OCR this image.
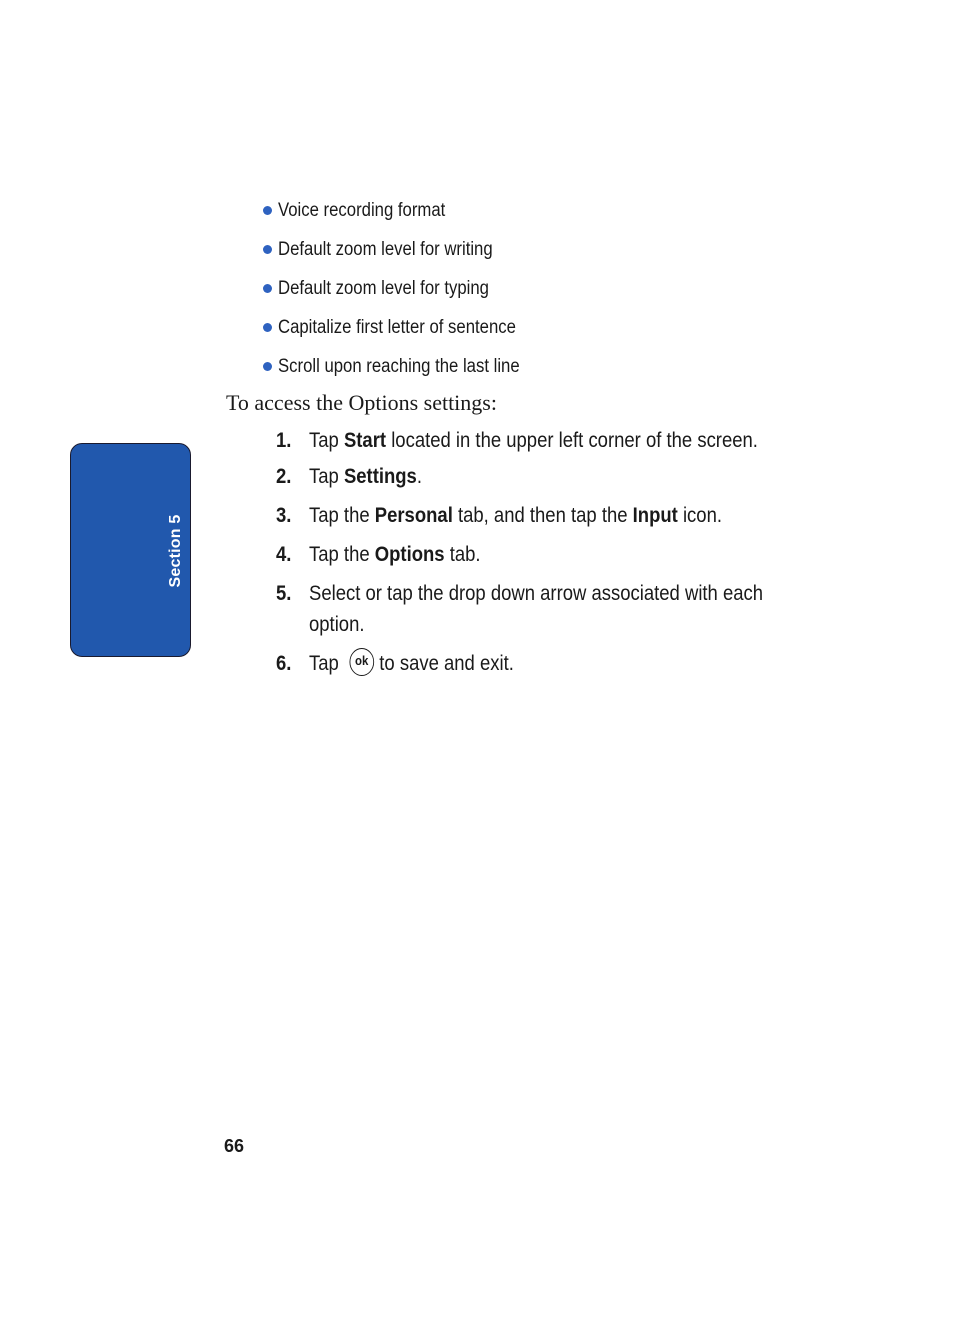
Section 5
Voice recording format
Default zoom level for writing
Default zoom level for typing
Capitalize first letter of sentence
Scroll upon reaching the last line
To access the Options settings:
1. Tap Start located in the upper left corner of the screen.
2. Tap Settings.
3. Tap the Personal tab, and then tap the Input icon.
4. Tap the Options tab.
5. Select or tap the drop down arrow associated with each
option.
6. Tap ok to save and exit.
66
